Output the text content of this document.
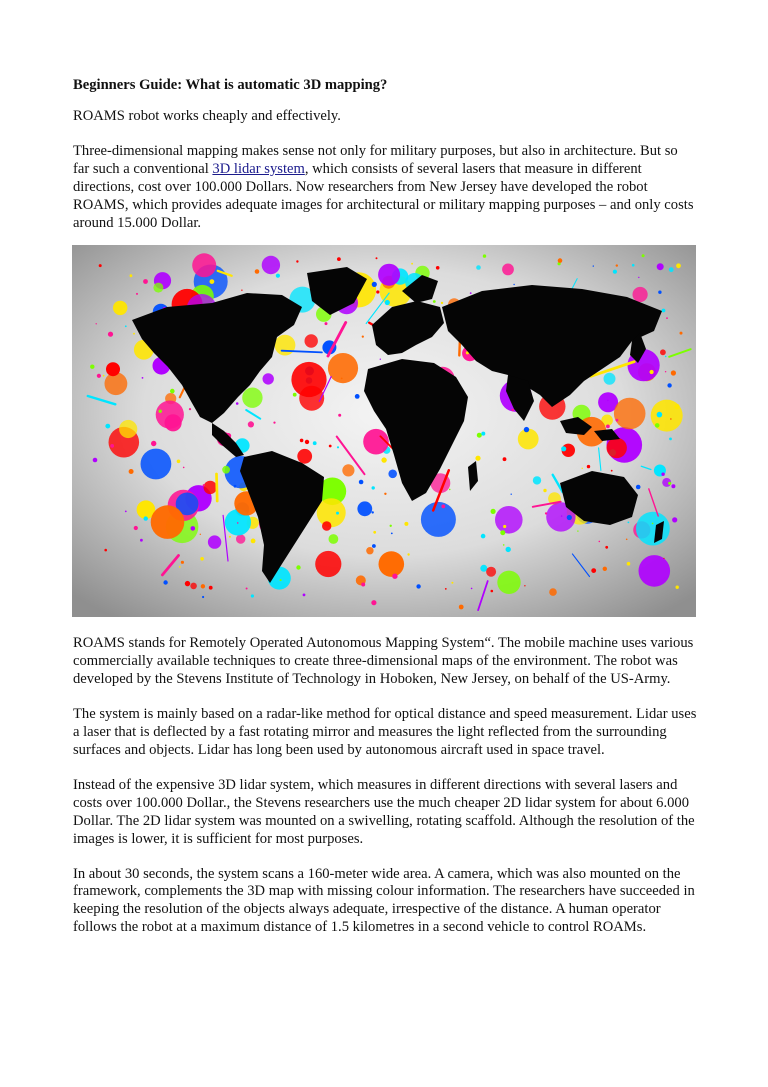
Beginners Guide: What is automatic 3D mapping?

ROAMS robot works cheaply and effectively.

Three-dimensional mapping makes sense not only for military purposes, but also in architecture. But so far such a conventional 3D lidar system, which consists of several lasers that measure in different directions, cost over 100.000 Dollars. Now researchers from New Jersey have developed the robot ROAMS, which provides adequate images for architectural or military mapping purposes – and only costs around 15.000 Dollar.

ROAMS stands for Remotely Operated Autonomous Mapping System“. The mobile machine uses various commercially available techniques to create three-dimensional maps of the environment. The robot was developed by the Stevens Institute of Technology in Hoboken, New Jersey, on behalf of the US-Army.

The system is mainly based on a radar-like method for optical distance and speed measurement. Lidar uses a laser that is deflected by a fast rotating mirror and measures the light reflected from the surrounding surfaces and objects. Lidar has long been used by autonomous aircraft used in space travel.

Instead of the expensive 3D lidar system, which measures in different directions with several lasers and costs over 100.000 Dollar., the Stevens researchers use the much cheaper 2D lidar system for about 6.000 Dollar. The 2D lidar system was mounted on a swivelling, rotating scaffold. Although the resolution of the images is lower, it is sufficient for most purposes.

In about 30 seconds, the system scans a 160-meter wide area. A camera, which was also mounted on the framework, complements the 3D map with missing colour information. The researchers have succeeded in keeping the resolution of the objects always adequate, irrespective of the distance. A human operator follows the robot at a maximum distance of 1.5 kilometres in a second vehicle to control ROAMs.
